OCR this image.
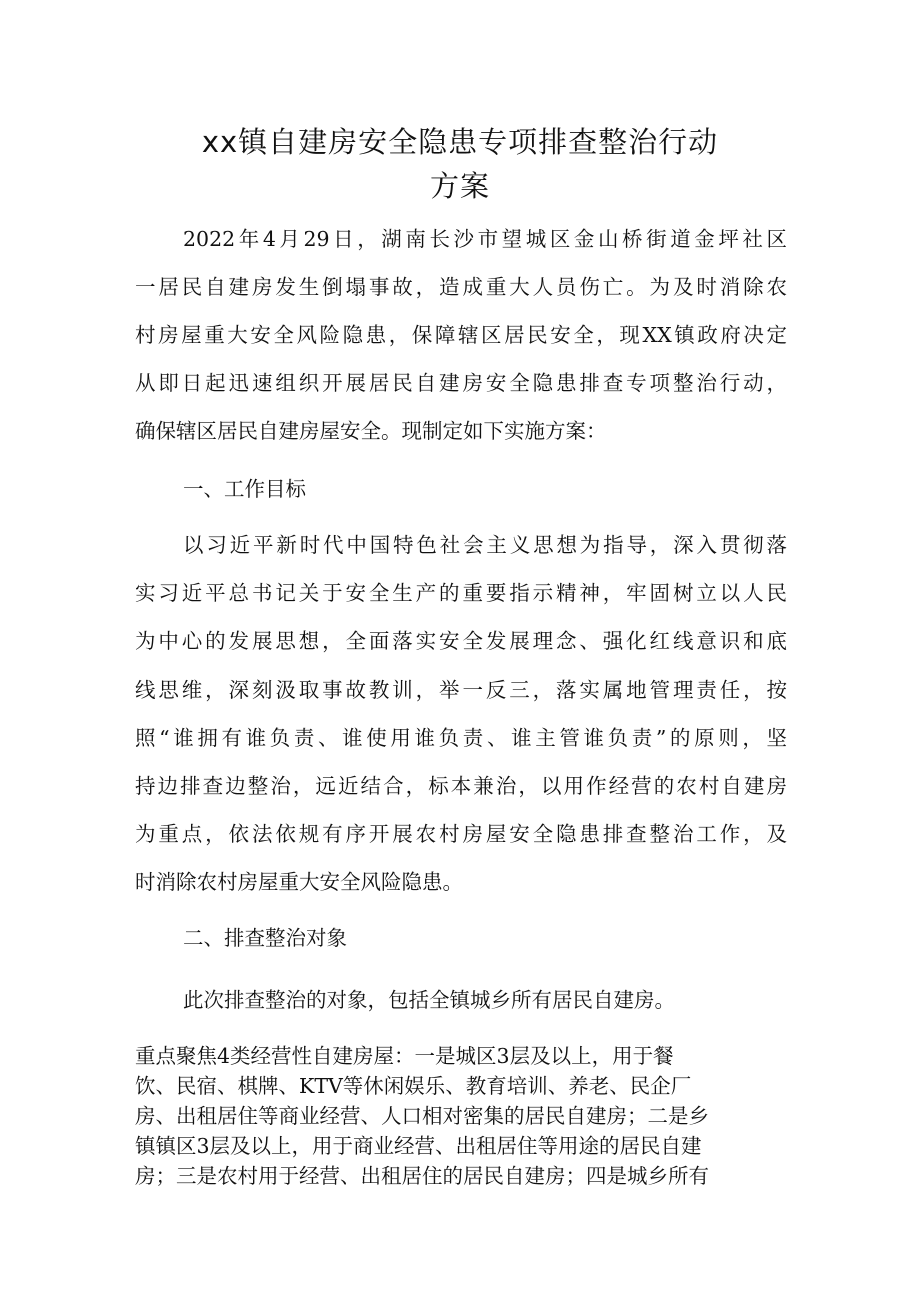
xx镇自建房安全隐患专项排查整治行动
方案
2022年4月29日，湖南长沙市望城区金山桥街道金坪社区
一居民自建房发生倒塌事故，造成重大人员伤亡。为及时消除农
村房屋重大安全风险隐患，保障辖区居民安全，现XX镇政府决定
从即日起迅速组织开展居民自建房安全隐患排查专项整治行动，
确保辖区居民自建房屋安全。现制定如下实施方案：
一、工作目标
以习近平新时代中国特色社会主义思想为指导，深入贯彻落
实习近平总书记关于安全生产的重要指示精神，牢固树立以人民
为中心的发展思想，全面落实安全发展理念、强化红线意识和底
线思维，深刻汲取事故教训，举一反三，落实属地管理责任，按
照“谁拥有谁负责、谁使用谁负责、谁主管谁负责”的原则，坚
持边排查边整治，远近结合，标本兼治，以用作经营的农村自建房
为重点，依法依规有序开展农村房屋安全隐患排查整治工作，及
时消除农村房屋重大安全风险隐患。
二、排查整治对象
此次排查整治的对象，包括全镇城乡所有居民自建房。
重点聚焦4类经营性自建房屋：一是城区3层及以上，用于餐
饮、民宿、棋牌、KTV等休闲娱乐、教育培训、养老、民企厂
房、出租居住等商业经营、人口相对密集的居民自建房；二是乡
镇镇区3层及以上，用于商业经营、出租居住等用途的居民自建
房；三是农村用于经营、出租居住的居民自建房；四是城乡所有
